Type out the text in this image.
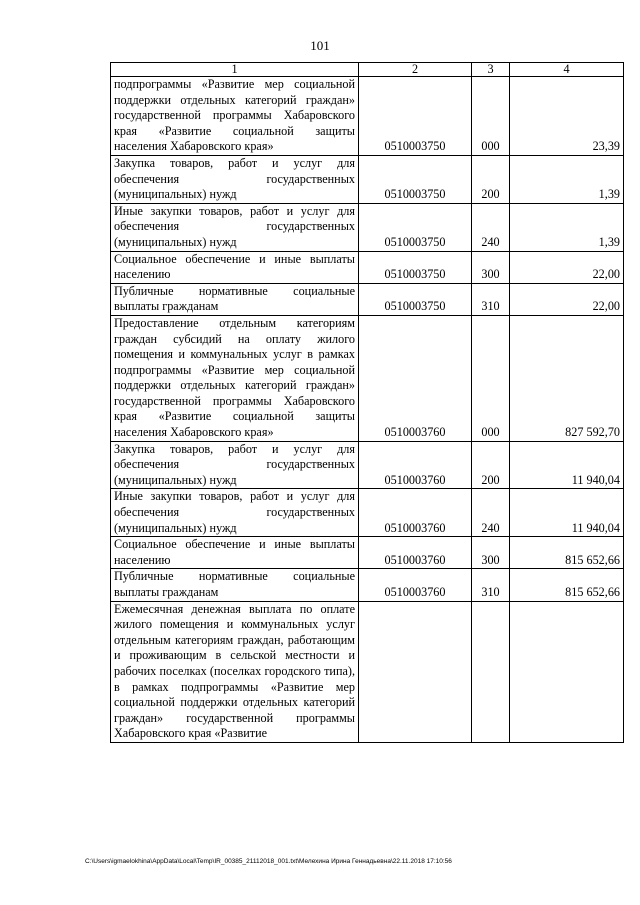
101
1	2	3	4
подпрограммы «Развитие мер социальной поддержки отдельных категорий граждан» государственной программы Хабаровского края «Развитие социальной защиты населения Хабаровского края»	0510003750	000	23,39
Закупка товаров, работ и услуг для обеспечения государственных (муниципальных) нужд	0510003750	200	1,39
Иные закупки товаров, работ и услуг для обеспечения государственных (муниципальных) нужд	0510003750	240	1,39
Социальное обеспечение и иные выплаты населению	0510003750	300	22,00
Публичные нормативные социальные выплаты гражданам	0510003750	310	22,00
Предоставление отдельным категориям граждан субсидий на оплату жилого помещения и коммунальных услуг в рамках подпрограммы «Развитие мер социальной поддержки отдельных категорий граждан» государственной программы Хабаровского края «Развитие социальной защиты населения Хабаровского края»	0510003760	000	827 592,70
Закупка товаров, работ и услуг для обеспечения государственных (муниципальных) нужд	0510003760	200	11 940,04
Иные закупки товаров, работ и услуг для обеспечения государственных (муниципальных) нужд	0510003760	240	11 940,04
Социальное обеспечение и иные выплаты населению	0510003760	300	815 652,66
Публичные нормативные социальные выплаты гражданам	0510003760	310	815 652,66
Ежемесячная денежная выплата по оплате жилого помещения и коммунальных услуг отдельным категориям граждан, работающим и проживающим в сельской местности и рабочих поселках (поселках городского типа), в рамках подпрограммы «Развитие мер социальной поддержки отдельных категорий граждан» государственной программы Хабаровского края «Развитие			
C:\Users\igmaelokhina\AppData\Local\Temp\IR_00385_21112018_001.txt\Мелехина Ирина Геннадьевна\22.11.2018 17:10:56
